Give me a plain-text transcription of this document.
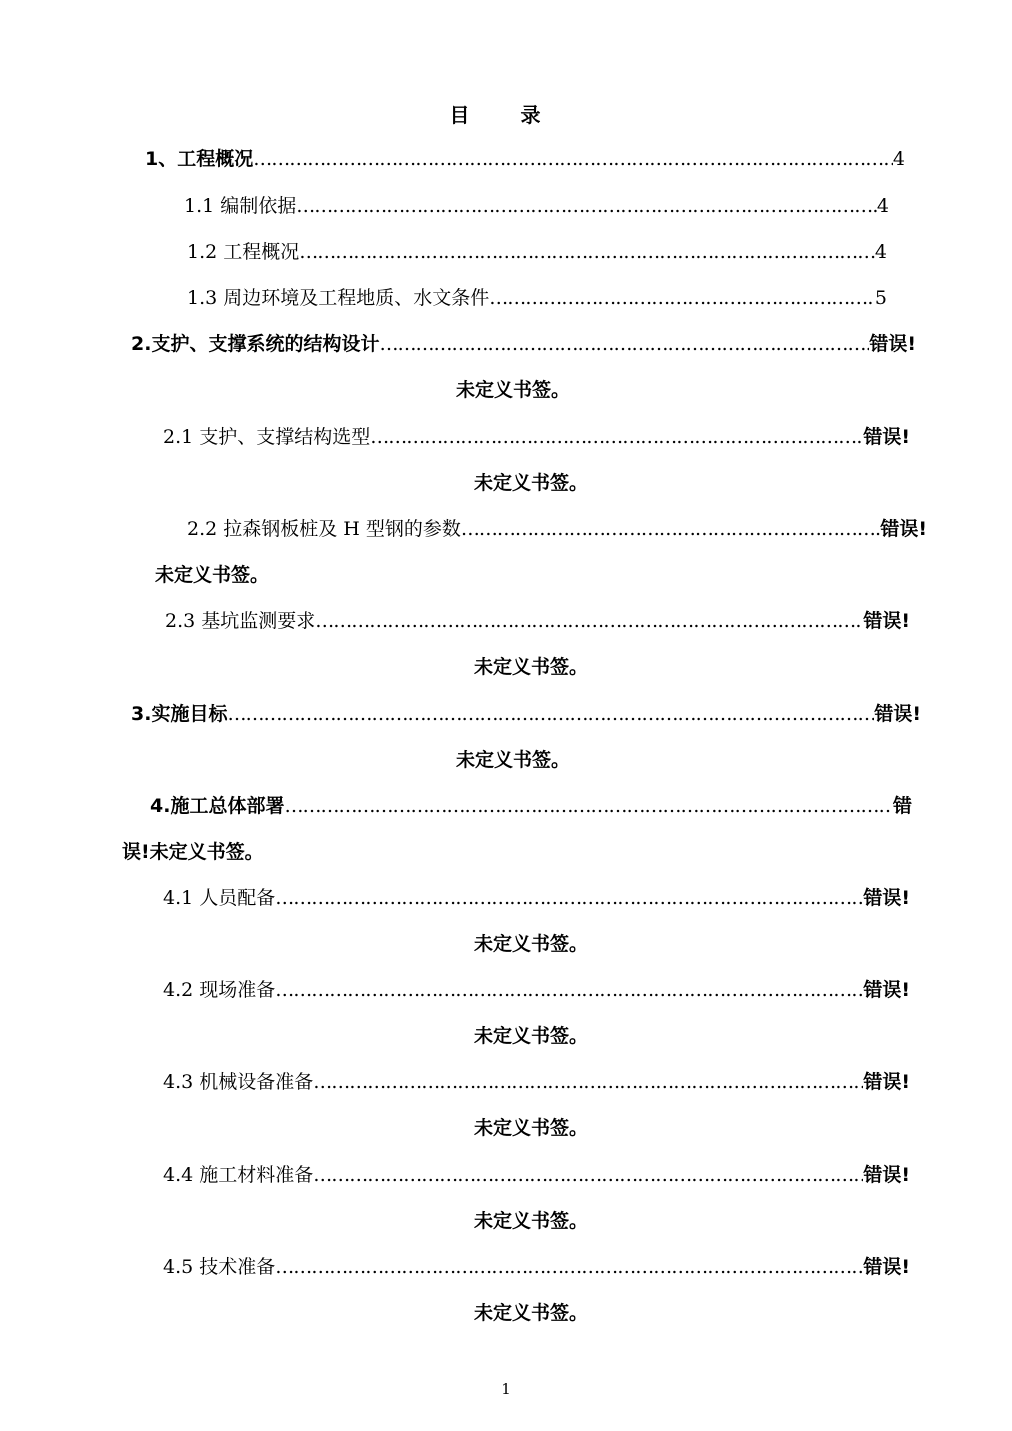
目 录
1、工程概况 …………………………………………………………………………………………………………………………………………………………………………………………………………	4
1.1 编制依据 …………………………………………………………………………………………………………………………………………………………………………………………………………	4
1.2 工程概况 …………………………………………………………………………………………………………………………………………………………………………………………………………	4
1.3 周边环境及工程地质、水文条件 …………………………………………………………………………………………………………………………………………………………………………………………………………	5
2.支护、支撑系统的结构设计 …………………………………………………………………………………………………………………………………………………………………………………………………………	错误!
未定义书签。
2.1 支护、支撑结构选型 …………………………………………………………………………………………………………………………………………………………………………………………………………	错误!
未定义书签。
2.2 拉森钢板桩及 H 型钢的参数 …………………………………………………………………………………………………………………………………………………………………………………………………………	错误!
未定义书签。
2.3 基坑监测要求 …………………………………………………………………………………………………………………………………………………………………………………………………………	错误!
未定义书签。
3.实施目标 …………………………………………………………………………………………………………………………………………………………………………………………………………	错误!
未定义书签。
4.施工总体部署 …………………………………………………………………………………………………………………………………………………………………………………………………………	错
误!未定义书签。
4.1 人员配备 …………………………………………………………………………………………………………………………………………………………………………………………………………	错误!
未定义书签。
4.2 现场准备 …………………………………………………………………………………………………………………………………………………………………………………………………………	错误!
未定义书签。
4.3 机械设备准备 …………………………………………………………………………………………………………………………………………………………………………………………………………	错误!
未定义书签。
4.4 施工材料准备 …………………………………………………………………………………………………………………………………………………………………………………………………………	错误!
未定义书签。
4.5 技术准备 …………………………………………………………………………………………………………………………………………………………………………………………………………	错误!
未定义书签。
1
